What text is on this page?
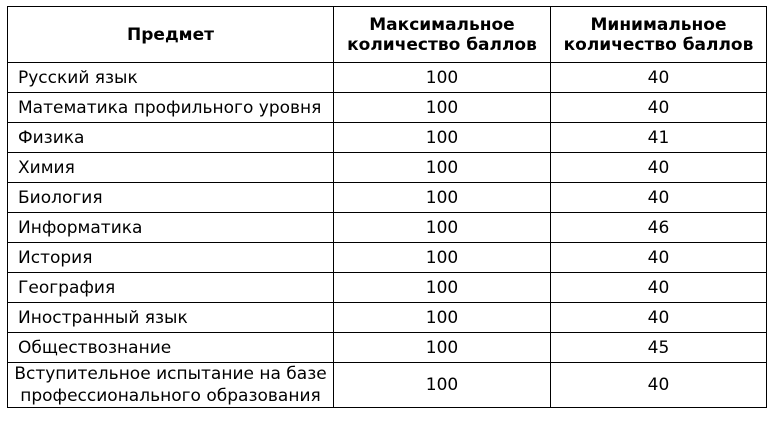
Предмет	Максимальное количество баллов	Минимальное количество баллов
Русский язык	100	40
Математика профильного уровня	100	40
Физика	100	41
Химия	100	40
Биология	100	40
Информатика	100	46
История	100	40
География	100	40
Иностранный язык	100	40
Обществознание	100	45

Вступительное испытание на базе профессионального образования	100	40
